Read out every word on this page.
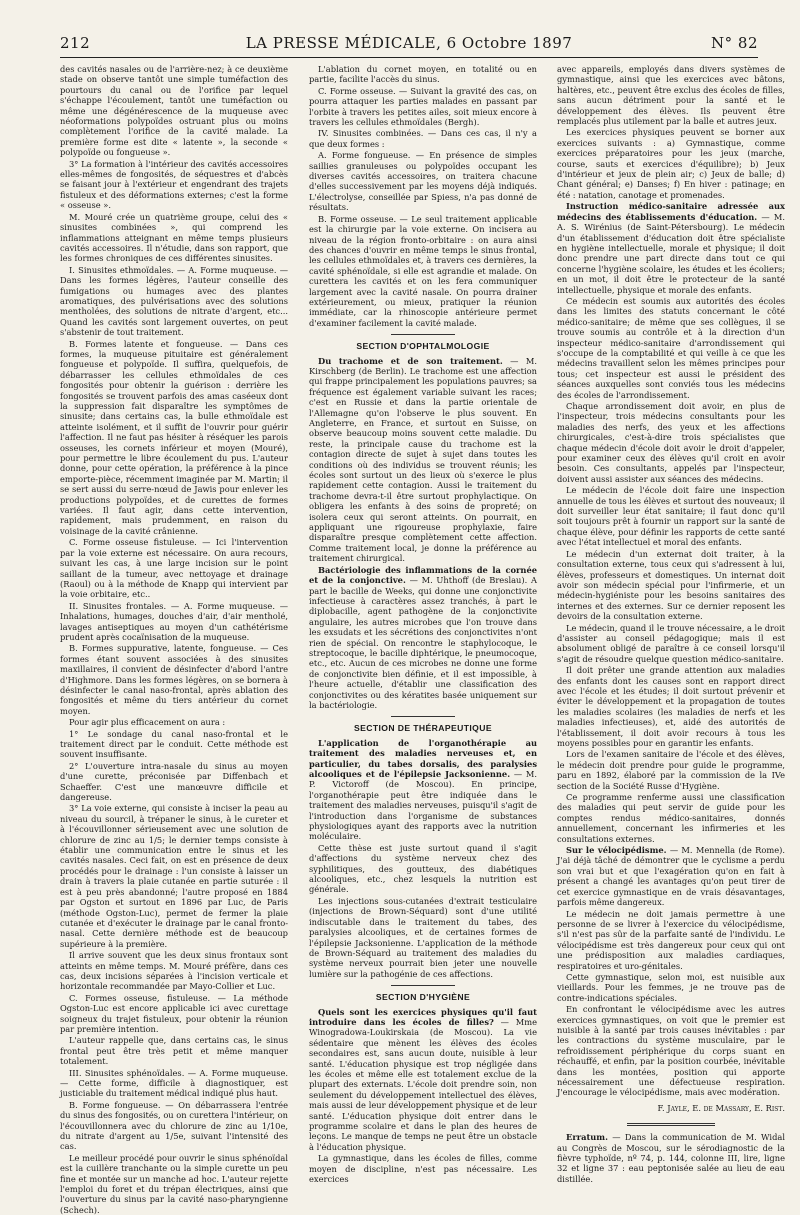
212	LA PRESSE MÉDICALE, 6 Octobre 1897	N° 82

des cavités nasales ou de l'arrière-nez; à ce deuxième stade on observe tantôt une simple tuméfaction des pourtours du canal ou de l'orifice par lequel s'échappe l'écoulement, tantôt une tuméfaction ou même une dégénérescence de la muqueuse avec néoformations polypoïdes ostruant plus ou moins complètement l'orifice de la cavité malade. La première forme est dite « latente », la seconde « polypoïde ou fongueuse ».

3° La formation à l'intérieur des cavités accessoires elles-mêmes de fongosités, de séquestres et d'abcès se faisant jour à l'extérieur et engendrant des trajets fistuleux et des déformations externes; c'est la forme « osseuse ».

M. Mouré crée un quatrième groupe, celui des « sinusites combinées », qui comprend les inflammations atteignant en même temps plusieurs cavités accessoires. Il n'étudie, dans son rapport, que les formes chroniques de ces différentes sinusites.

I. Sinusites ethmoïdales. — A. Forme muqueuse. — Dans les formes légères, l'auteur conseille des fumigations ou humages avec des plantes aromatiques, des pulvérisations avec des solutions mentholées, des solutions de nitrate d'argent, etc... Quand les cavités sont largement ouvertes, on peut s'abstenir de tout traitement.

B. Formes latente et fongueuse. — Dans ces formes, la muqueuse pituitaire est généralement fongueuse et polypoïde. Il suffira, quelquefois, de débarrasser les cellules ethmoïdales de ces fongosités pour obtenir la guérison : derrière les fongosités se trouvent parfois des amas caséeux dont la suppression fait disparaître les symptômes de sinusite; dans certains cas, la bulle ethmoïdale est atteinte isolément, et il suffit de l'ouvrir pour guérir l'affection. Il ne faut pas hésiter à réséquer les parois osseuses, les cornets inférieur et moyen (Mouré), pour permettre le libre écoulement du pus. L'auteur donne, pour cette opération, la préférence à la pince emporte-pièce, récemment imaginée par M. Martin; il se sert aussi du serre-nœud de Jawis pour enlever les productions polypoïdes, et de curettes de formes variées. Il faut agir, dans cette intervention, rapidement, mais prudemment, en raison du voisinage de la cavité crânienne.

C. Forme osseuse fistuleuse. — Ici l'intervention par la voie externe est nécessaire. On aura recours, suivant les cas, à une large incision sur le point saillant de la tumeur, avec nettoyage et drainage (Raoul) ou à la méthode de Knapp qui intervient par la voie orbitaire, etc..

II. Sinusites frontales. — A. Forme muqueuse. — Inhalations, humages, douches d'air, d'air mentholé, lavages antiseptiques au moyen d'un cathétérisme prudent après cocaïnisation de la muqueuse.

B. Formes suppurative, latente, fongueuse. — Ces formes étant souvent associées à des sinusites maxillaires, il convient de désinfecter d'abord l'antre d'Highmore. Dans les formes légères, on se bornera à désinfecter le canal naso-frontal, après ablation des fongosités et même du tiers antérieur du cornet moyen.

Pour agir plus efficacement on aura :

1° Le sondage du canal naso-frontal et le traitement direct par le conduit. Cette méthode est souvent insuffisante.

2° L'ouverture intra-nasale du sinus au moyen d'une curette, préconisée par Diffenbach et Schaeffer. C'est une manœuvre difficile et dangereuse.

3° La voie externe, qui consiste à inciser la peau au niveau du sourcil, à trépaner le sinus, à le cureter et à l'écouvillonner sérieusement avec une solution de chlorure de zinc au 1/5; le dernier temps consiste à établir une communication entre le sinus et les cavités nasales. Ceci fait, on est en présence de deux procédés pour le drainage : l'un consiste à laisser un drain à travers la plaie cutanée en partie suturée : il est à peu près abandonné; l'autre proposé en 1884 par Ogston et surtout en 1896 par Luc, de Paris (méthode Ogston-Luc), permet de fermer la plaie cutanée et d'exécuter le drainage par le canal fronto-nasal. Cette dernière méthode est de beaucoup supérieure à la première.

Il arrive souvent que les deux sinus frontaux sont atteints en même temps. M. Mouré préfère, dans ces cas, deux incisions séparées à l'incision verticale et horizontale recommandée par Mayo-Collier et Luc.

C. Formes osseuse, fistuleuse. — La méthode Ogston-Luc est encore applicable ici avec curettage soigneux du trajet fistuleux, pour obtenir la réunion par première intention.

L'auteur rappelle que, dans certains cas, le sinus frontal peut être très petit et même manquer totalement.

III. Sinusites sphénoïdales. — A. Forme muqueuse. — Cette forme, difficile à diagnostiquer, est justiciable du traitement médical indiqué plus haut.

B. Forme fongueuse. — On débarrassera l'entrée du sinus des fongosités, ou on curettera l'intérieur, on l'écouvillonnera avec du chlorure de zinc au 1/10e, du nitrate d'argent au 1/5e, suivant l'intensité des cas.

Le meilleur procédé pour ouvrir le sinus sphénoïdal est la cuillère tranchante ou la simple curette un peu fine et montée sur un manche ad hoc. L'auteur rejette l'emploi du foret et du trépan électriques, ainsi que l'ouverture du sinus par la cavité naso-pharyngienne (Schech).

L'ablation du cornet moyen, en totalité ou en partie, facilite l'accès du sinus.

C. Forme osseuse. — Suivant la gravité des cas, on pourra attaquer les parties malades en passant par l'orbite à travers les petites ailes, soit mieux encore à travers les cellules ethmoïdales (Bergh).

IV. Sinusites combinées. — Dans ces cas, il n'y a que deux formes :

A. Forme fongueuse. — En présence de simples saillies granuleuses ou polypoïdes occupant les diverses cavités accessoires, on traitera chacune d'elles successivement par les moyens déjà indiqués. L'électrolyse, conseillée par Spiess, n'a pas donné de résultats.

B. Forme osseuse. — Le seul traitement applicable est la chirurgie par la voie externe. On incisera au niveau de la région fronto-orbitaire : on aura ainsi des chances d'ouvrir en même temps le sinus frontal, les cellules ethmoïdales et, à travers ces dernières, la cavité sphénoïdale, si elle est agrandie et malade. On curettera les cavités et on les fera communiquer largement avec la cavité nasale. On pourra drainer extérieurement, ou mieux, pratiquer la réunion immédiate, car la rhinoscopie antérieure permet d'examiner facilement la cavité malade.

SECTION D'OPHTALMOLOGIE

Du trachome et de son traitement. — M. Kirschberg (de Berlin). Le trachome est une affection qui frappe principalement les populations pauvres; sa fréquence est également variable suivant les races; c'est en Russie et dans la partie orientale de l'Allemagne qu'on l'observe le plus souvent. En Angleterre, en France, et surtout en Suisse, on observe beaucoup moins souvent cette maladie. Du reste, la principale cause du trachome est la contagion directe de sujet à sujet dans toutes les conditions où des individus se trouvent réunis; les écoles sont surtout un des lieux où s'exerce le plus rapidement cette contagion. Aussi le traitement du trachome devra-t-il être surtout prophylactique. On obligera les enfants à des soins de propreté; on isolera ceux qui seront atteints. On pourrait, en appliquant une rigoureuse prophylaxie, faire disparaître presque complètement cette affection. Comme traitement local, je donne la préférence au traitement chirurgical.

Bactériologie des inflammations de la cornée et de la conjonctive. — M. Uhthoff (de Breslau). A part le bacille de Weeks, qui donne une conjonctivite infectieuse à caractères assez tranchés, à part le diplobacille, agent pathogène de la conjonctivite angulaire, les autres microbes que l'on trouve dans les exsudats et les sécrétions des conjonctivites n'ont rien de spécial. On rencontre le staphylocoque, le streptocoque, le bacille diphtérique, le pneumocoque, etc., etc. Aucun de ces microbes ne donne une forme de conjonctivite bien définie, et il est impossible, à l'heure actuelle, d'établir une classification des conjonctivites ou des kératites basée uniquement sur la bactériologie.

SECTION DE THÉRAPEUTIQUE

L'application de l'organothérapie au traitement des maladies nerveuses et, en particulier, du tabes dorsalis, des paralysies alcooliques et de l'épilepsie Jacksonienne. — M. P. Victoroff (de Moscou). En principe, l'organothérapie peut être indiquée dans le traitement des maladies nerveuses, puisqu'il s'agit de l'introduction dans l'organisme de substances physiologiques ayant des rapports avec la nutrition moléculaire.

Cette thèse est juste surtout quand il s'agit d'affections du système nerveux chez des syphilitiques, des goutteux, des diabétiques alcooliques, etc., chez lesquels la nutrition est générale.

Les injections sous-cutanées d'extrait testiculaire (injections de Brown-Séquard) sont d'une utilité indiscutable dans le traitement du tabes, des paralysies alcooliques, et de certaines formes de l'épilepsie Jacksonienne. L'application de la méthode de Brown-Séquard au traitement des maladies du système nerveux pourrait bien jeter une nouvelle lumière sur la pathogénie de ces affections.

SECTION D'HYGIÈNE

Quels sont les exercices physiques qu'il faut introduire dans les écoles de filles? — Mme Winogradowa-Loukirskaia (de Moscou). La vie sédentaire que mènent les élèves des écoles secondaires est, sans aucun doute, nuisible à leur santé. L'éducation physique est trop négligée dans les écoles et même elle est totalement exclue de la plupart des externats. L'école doit prendre soin, non seulement du développement intellectuel des élèves, mais aussi de leur développement physique et de leur santé. L'éducation physique doit entrer dans le programme scolaire et dans le plan des heures de leçons. Le manque de temps ne peut être un obstacle à l'éducation physique.

La gymnastique, dans les écoles de filles, comme moyen de discipline, n'est pas nécessaire. Les exercices

avec appareils, employés dans divers systèmes de gymnastique, ainsi que les exercices avec bâtons, haltères, etc., peuvent être exclus des écoles de filles, sans aucun détriment pour la santé et le développement des élèves. Ils peuvent être remplacés plus utilement par la balle et autres jeux.

Les exercices physiques peuvent se borner aux exercices suivants : a) Gymnastique, comme exercices préparatoires pour les jeux (marche, course, sauts et exercices d'équilibre); b) Jeux d'intérieur et jeux de plein air; c) Jeux de balle; d) Chant général; e) Danses; f) En hiver : patinage; en été : natation, canotage et promenades.

Instruction médico-sanitaire adressée aux médecins des établissements d'éducation. — M. A. S. Wirénius (de Saint-Pétersbourg). Le médecin d'un établissement d'éducation doit être spécialiste en hygiène intellectuelle, morale et physique; il doit donc prendre une part directe dans tout ce qui concerne l'hygiène scolaire, les études et les écoliers; en un mot, il doit être le protecteur de la santé intellectuelle, physique et morale des enfants.

Ce médecin est soumis aux autorités des écoles dans les limites des statuts concernant le côté médico-sanitaire; de même que ses collègues, il se trouve soumis au contrôle et à la direction d'un inspecteur médico-sanitaire d'arrondissement qui s'occupe de la comptabilité et qui veille à ce que les médecins travaillent selon les mêmes principes pour tous; cet inspecteur est aussi le président des séances auxquelles sont conviés tous les médecins des écoles de l'arrondissement.

Chaque arrondissement doit avoir, en plus de l'inspecteur, trois médecins consultants pour les maladies des nerfs, des yeux et les affections chirurgicales, c'est-à-dire trois spécialistes que chaque médecin d'école doit avoir le droit d'appeler, pour examiner ceux des élèves qu'il croit en avoir besoin. Ces consultants, appelés par l'inspecteur, doivent aussi assister aux séances des médecins.

Le médecin de l'école doit faire une inspection annuelle de tous les élèves et surtout des nouveaux; il doit surveiller leur état sanitaire; il faut donc qu'il soit toujours prêt à fournir un rapport sur la santé de chaque élève, pour définir les rapports de cette santé avec l'état intellectuel et moral des enfants.

Le médecin d'un externat doit traiter, à la consultation externe, tous ceux qui s'adressent à lui, élèves, professeurs et domestiques. Un internat doit avoir son médecin spécial pour l'infirmerie, et un médecin-hygiéniste pour les besoins sanitaires des internes et des externes. Sur ce dernier reposent les devoirs de la consultation externe.

Le médecin, quand il le trouve nécessaire, a le droit d'assister au conseil pédagogique; mais il est absolument obligé de paraître à ce conseil lorsqu'il s'agit de résoudre quelque question médico-sanitaire.

Il doit prêter une grande attention aux maladies des enfants dont les causes sont en rapport direct avec l'école et les études; il doit surtout prévenir et éviter le développement et la propagation de toutes les maladies scolaires (les maladies de nerfs et les maladies infectieuses), et, aidé des autorités de l'établissement, il doit avoir recours à tous les moyens possibles pour en garantir les enfants.

Lors de l'examen sanitaire de l'école et des élèves, le médecin doit prendre pour guide le programme, paru en 1892, élaboré par la commission de la IVe section de la Société Russe d'Hygiène.

Ce programme renferme aussi une classification des maladies qui peut servir de guide pour les comptes rendus médico-sanitaires, donnés annuellement, concernant les infirmeries et les consultations externes.

Sur le vélocipédisme. — M. Mennella (de Rome). J'ai déjà tâché de démontrer que le cyclisme a perdu son vrai but et que l'exagération qu'on en fait à présent a changé les avantages qu'on peut tirer de cet exercice gymnastique en de vrais désavantages, parfois même dangereux.

Le médecin ne doit jamais permettre à une personne de se livrer à l'exercice du vélocipédisme, s'il n'est pas sûr de la parfaite santé de l'individu. Le vélocipédisme est très dangereux pour ceux qui ont une prédisposition aux maladies cardiaques, respiratoires et uro-génitales.

Cette gymnastique, selon moi, est nuisible aux vieillards. Pour les femmes, je ne trouve pas de contre-indications spéciales.

En confrontant le vélocipédisme avec les autres exercices gymnastiques, on voit que le premier est nuisible à la santé par trois causes inévitables : par les contractions du système musculaire, par le refroidissement périphérique du corps suant en réchauffé, et enfin, par la position courbée, inévitable dans les montées, position qui apporte nécessairement une défectueuse respiration. J'encourage le vélocipédisme, mais avec modération.

F. Jayle, E. de Massary, E. Rist.

Erratum. — Dans la communication de M. Widal au Congrès de Moscou, sur le sérodiagnostic de la fièvre typhoïde, nº 74, p. 144, colonne III, lire, ligne 32 et ligne 37 : eau peptonisée salée au lieu de eau distillée.
